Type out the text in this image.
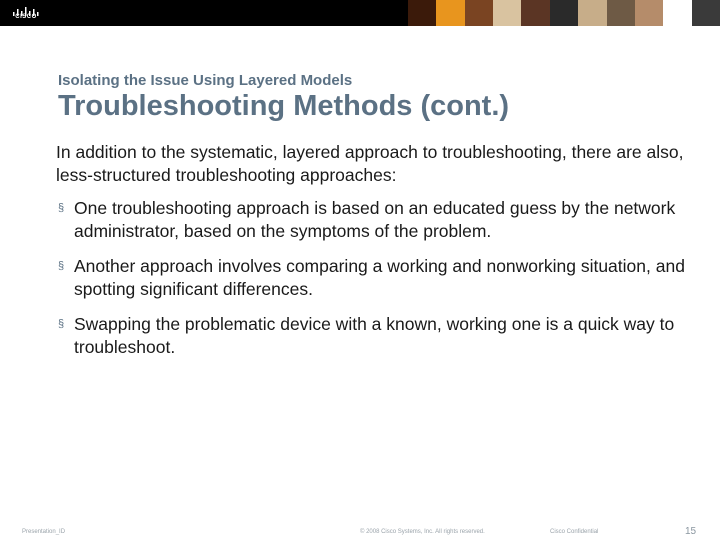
CISCO
Isolating the Issue Using Layered Models
Troubleshooting Methods (cont.)
In addition to the systematic, layered approach to troubleshooting, there are also, less-structured troubleshooting approaches:
§ One troubleshooting approach is based on an educated guess by the network administrator, based on the symptoms of the problem.
§ Another approach involves comparing a working and nonworking situation, and spotting significant differences.
§ Swapping the problematic device with a known, working one is a quick way to troubleshoot.
Presentation_ID	© 2008 Cisco Systems, Inc. All rights reserved.	Cisco Confidential	15
